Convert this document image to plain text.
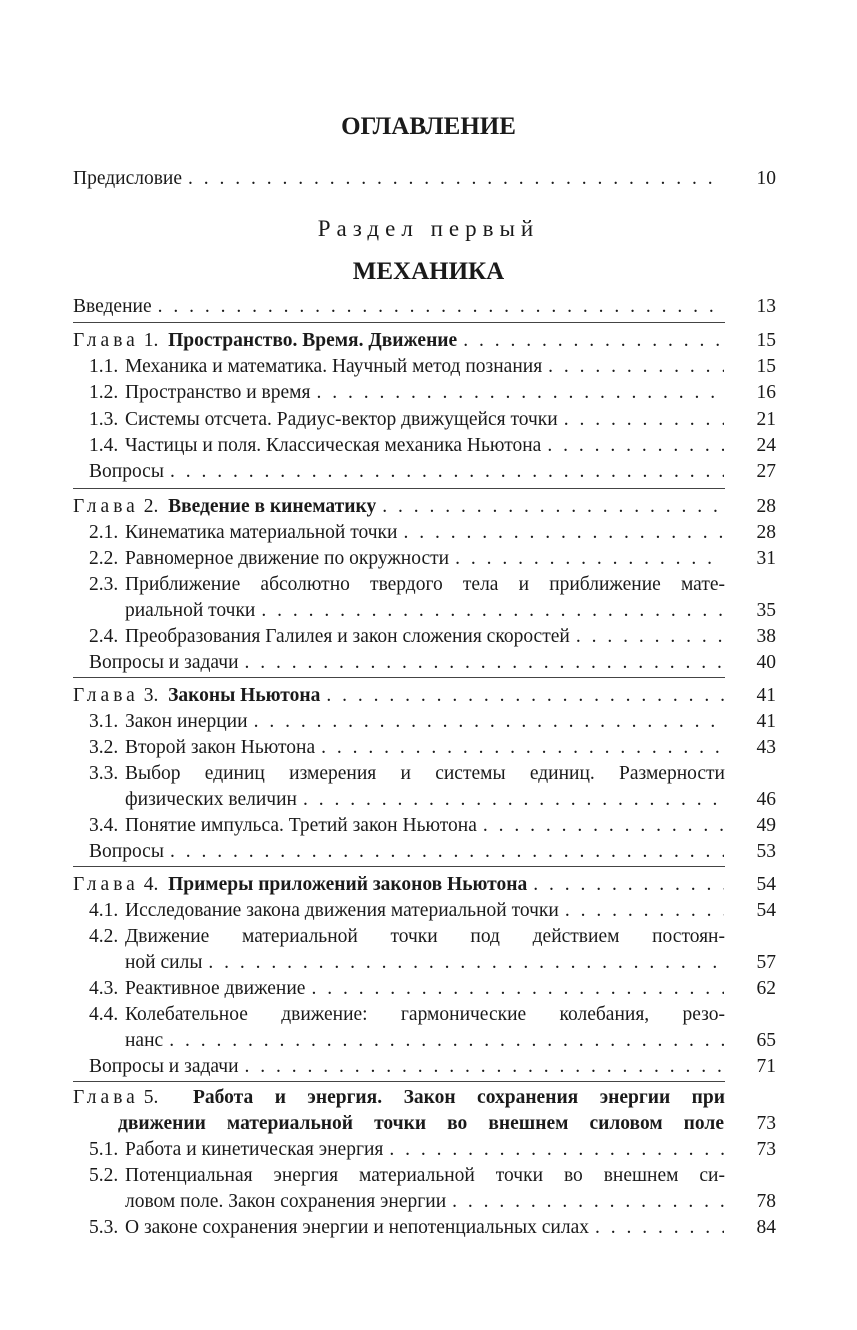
ОГЛАВЛЕНИЕ
Предисловие . . .	10
Раздел первый
МЕХАНИКА
Введение . . .	13
Глава 1. Пространство. Время. Движение . . .	15
1.1. Механика и математика. Научный метод познания . . .	15
1.2. Пространство и время . . .	16
1.3. Системы отсчета. Радиус-вектор движущейся точки . . .	21
1.4. Частицы и поля. Классическая механика Ньютона . . .	24
Вопросы . . .	27
Глава 2. Введение в кинематику . . .	28
2.1. Кинематика материальной точки . . .	28
2.2. Равномерное движение по окружности . . .	31
2.3. Приближение абсолютно твердого тела и приближение мате-
риальной точки . . .	35
2.4. Преобразования Галилея и закон сложения скоростей . . .	38
Вопросы и задачи . . .	40
Глава 3. Законы Ньютона . . .	41
3.1. Закон инерции . . .	41
3.2. Второй закон Ньютона . . .	43
3.3. Выбор единиц измерения и системы единиц. Размерности
физических величин . . .	46
3.4. Понятие импульса. Третий закон Ньютона . . .	49
Вопросы . . .	53
Глава 4. Примеры приложений законов Ньютона . . .	54
4.1. Исследование закона движения материальной точки . . .	54
4.2. Движение материальной точки под действием постоян-
ной силы . . .	57
4.3. Реактивное движение . . .	62
4.4. Колебательное движение: гармонические колебания, резо-
нанс . . .	65
Вопросы и задачи . . .	71
Глава 5.	Работа и энергия. Закон сохранения энергии при
движении материальной точки во внешнем силовом поле 73
5.1. Работа и кинетическая энергия . . .	73
5.2. Потенциальная энергия материальной точки во внешнем си-
ловом поле. Закон сохранения энергии . . .	78
5.3. О законе сохранения энергии и непотенциальных силах . . .	84
